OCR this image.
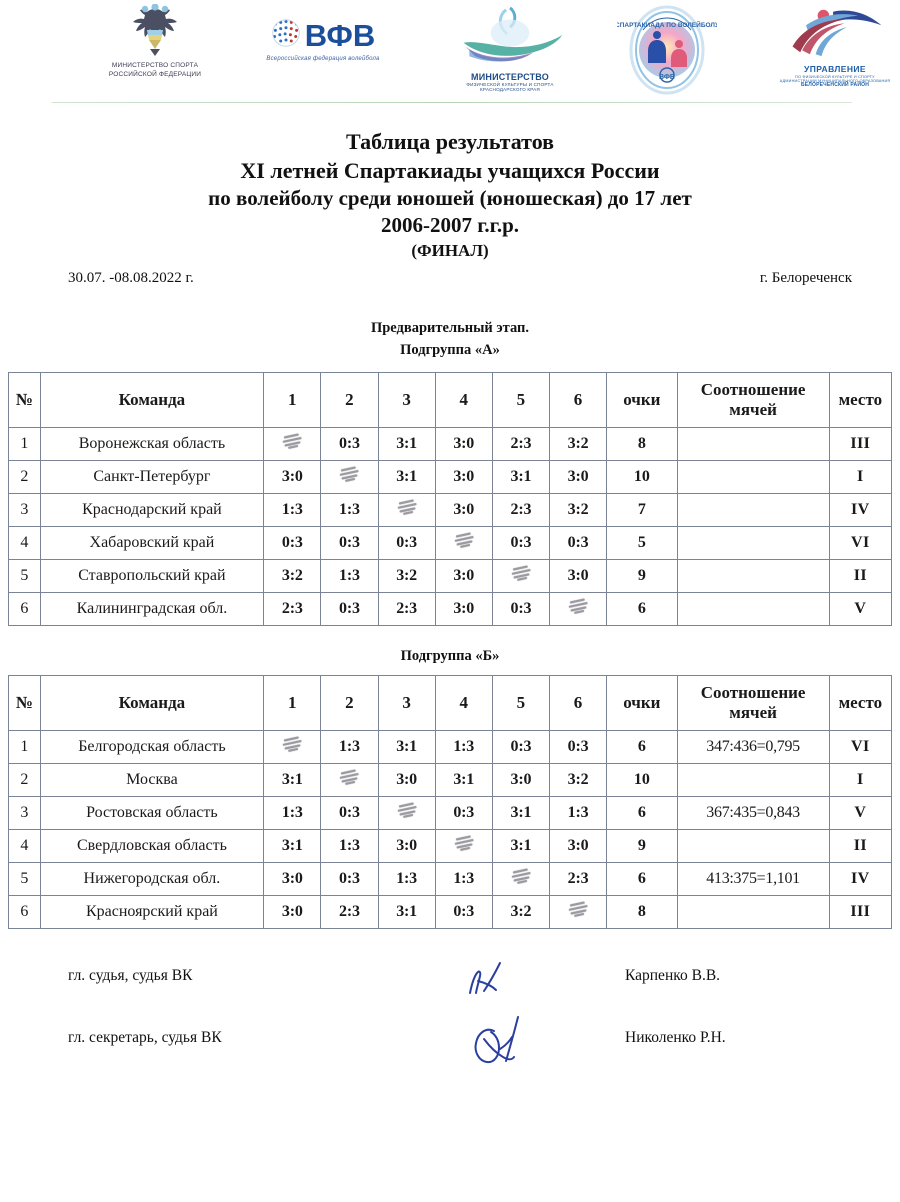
МИНИСТЕРСТВО СПОРТА
РОССИЙСКОЙ ФЕДЕРАЦИИ
ВФВ
Всероссийская федерация волейбола
МИНИСТЕРСТВО
ФИЗИЧЕСКОЙ КУЛЬТУРЫ И СПОРТА
КРАСНОДАРСКОГО КРАЯ
СПАРТАКИАДА ПО ВОЛЕЙБОЛУ
ВФВ
УПРАВЛЕНИЕ
ПО ФИЗИЧЕСКОЙ КУЛЬТУРЕ И СПОРТУ
АДМИНИСТРАЦИИ МУНИЦИПАЛЬНОГО ОБРАЗОВАНИЯ
БЕЛОРЕЧЕНСКИЙ РАЙОН
Таблица результатов
XI летней Спартакиады учащихся России
по волейболу среди юношей (юношеская) до 17 лет
2006-2007 г.г.р.
(ФИНАЛ)
30.07. -08.08.2022 г.	г. Белореченск
Предварительный этап.
Подгруппа «А»
№	Команда	1	2	3	4	5	6	очки	Соотношение
мячей	место
1	Воронежская область		0:3	3:1	3:0	2:3	3:2	8		III
2	Санкт-Петербург	3:0		3:1	3:0	3:1	3:0	10		I
3	Краснодарский край	1:3	1:3		3:0	2:3	3:2	7		IV
4	Хабаровский край	0:3	0:3	0:3		0:3	0:3	5		VI
5	Ставропольский край	3:2	1:3	3:2	3:0		3:0	9		II
6	Калининградская обл.	2:3	0:3	2:3	3:0	0:3		6		V
Подгруппа «Б»
№	Команда	1	2	3	4	5	6	очки	Соотношение
мячей	место
1	Белгородская область		1:3	3:1	1:3	0:3	0:3	6	347:436=0,795	VI
2	Москва	3:1		3:0	3:1	3:0	3:2	10		I
3	Ростовская область	1:3	0:3		0:3	3:1	1:3	6	367:435=0,843	V
4	Свердловская область	3:1	1:3	3:0		3:1	3:0	9		II
5	Нижегородская обл.	3:0	0:3	1:3	1:3		2:3	6	413:375=1,101	IV
6	Красноярский край	3:0	2:3	3:1	0:3	3:2		8		III
гл. судья, судья ВК	Карпенко В.В.
гл. секретарь, судья ВК	Николенко Р.Н.
